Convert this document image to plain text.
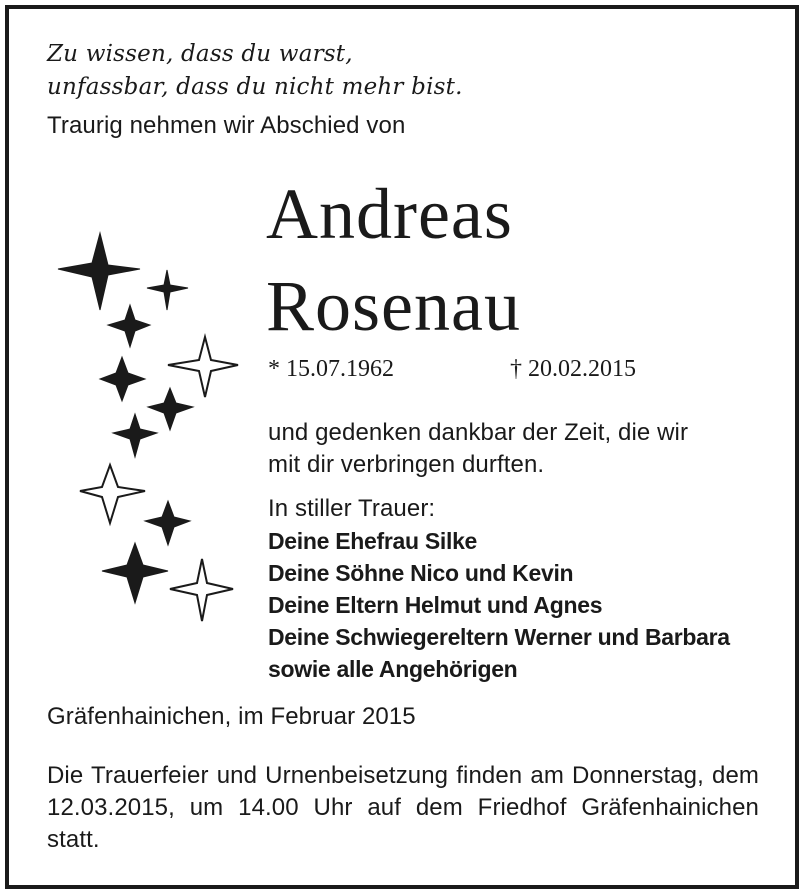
Zu wissen, dass du warst,
unfassbar, dass du nicht mehr bist.
Traurig nehmen wir Abschied von
Andreas
Rosenau
* 15.07.1962	† 20.02.2015
und gedenken dankbar der Zeit, die wir
mit dir verbringen durften.
In stiller Trauer:
Deine Ehefrau Silke
Deine Söhne Nico und Kevin
Deine Eltern Helmut und Agnes
Deine Schwiegereltern Werner und Barbara
sowie alle Angehörigen
Gräfenhainichen, im Februar 2015
Die Trauerfeier und Urnenbeisetzung finden am Donnerstag, dem 12.03.2015, um 14.00 Uhr auf dem Friedhof Gräfenhainichen statt.
